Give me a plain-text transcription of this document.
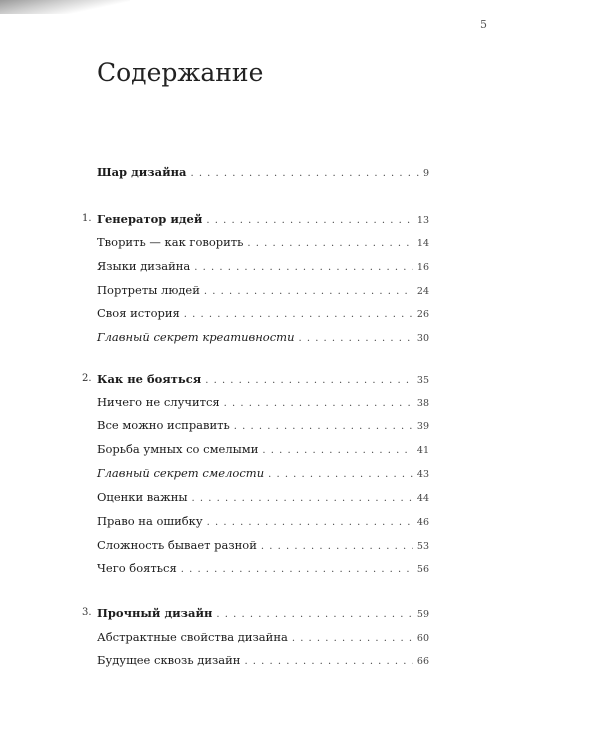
5
Содержание
Шар дизайна . . .	9
1. Генератор идей . . .	13
Творить — как говорить . . .	14
Языки дизайна . . .	16
Портреты людей . . .	24
Своя история . . .	26
Главный секрет креативности . . .	30
2. Как не бояться . . .	35
Ничего не случится . . .	38
Все можно исправить . . .	39
Борьба умных со смелыми . . .	41
Главный секрет смелости . . .	43
Оценки важны . . .	44
Право на ошибку . . .	46
Сложность бывает разной . . .	53
Чего бояться . . .	56
3. Прочный дизайн . . .	59
Абстрактные свойства дизайна . . .	60
Будущее сквозь дизайн . . .	66
